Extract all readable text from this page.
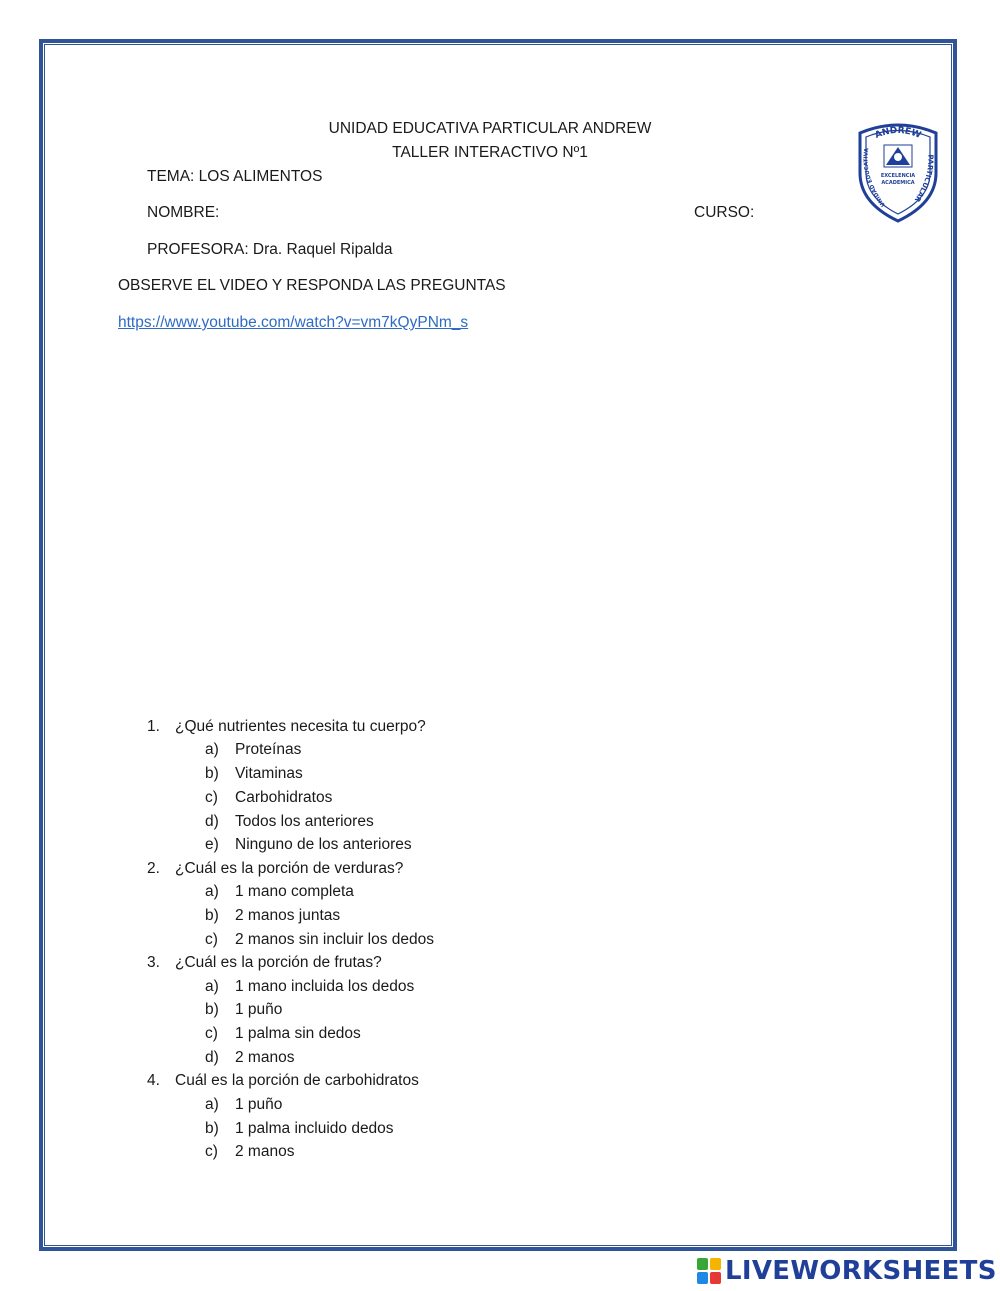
UNIDAD EDUCATIVA PARTICULAR ANDREW
TALLER INTERACTIVO Nº1
TEMA: LOS ALIMENTOS
NOMBRE:	CURSO:
PROFESORA: Dra. Raquel Ripalda
OBSERVE EL VIDEO Y RESPONDA LAS PREGUNTAS
https://www.youtube.com/watch?v=vm7kQyPNm_s
ANDREW
PARTICULAR
UNIDAD EDUCATIVA
EXCELENCIA
ACADEMICA
1. ¿Qué nutrientes necesita tu cuerpo?
a) Proteínas
b) Vitaminas
c) Carbohidratos
d) Todos los anteriores
e) Ninguno de los anteriores
2. ¿Cuál es la porción de verduras?
a) 1 mano completa
b) 2 manos juntas
c) 2 manos sin incluir los dedos
3. ¿Cuál es la porción de frutas?
a) 1 mano incluida los dedos
b) 1 puño
c) 1 palma sin dedos
d) 2 manos
4. Cuál es la porción de carbohidratos
a) 1 puño
b) 1 palma incluido dedos
c) 2 manos
LIVEWORKSHEETS
